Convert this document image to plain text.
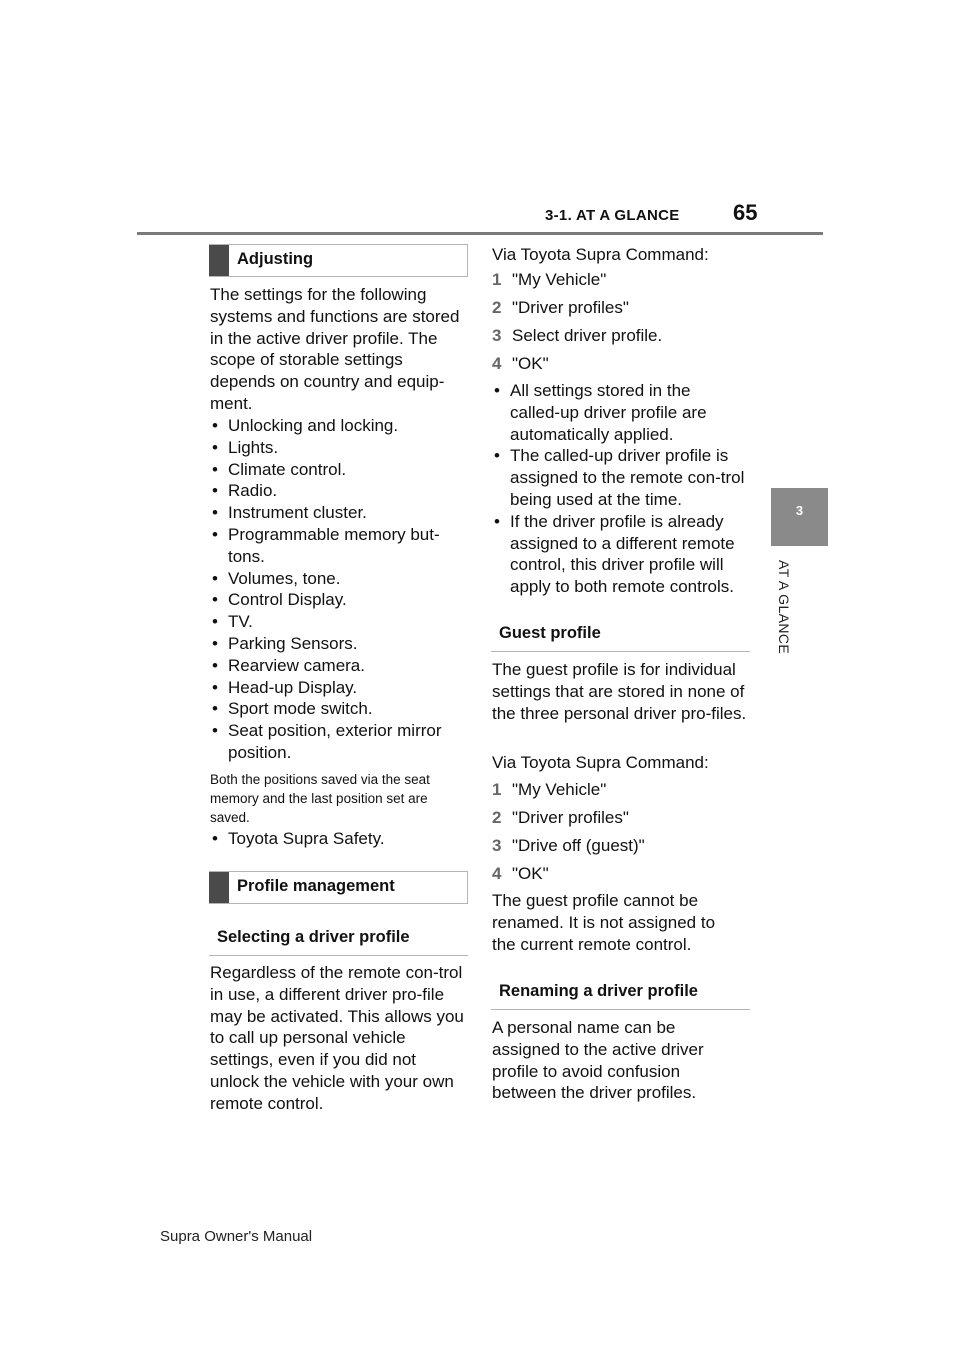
3-1. AT A GLANCE 65
3
AT A GLANCE
Adjusting

The settings for the following systems and functions are stored in the active driver profile. The scope of storable settings depends on country and equip-ment.

• Unlocking and locking.
• Lights.
• Climate control.
• Radio.
• Instrument cluster.
• Programmable memory but-tons.
• Volumes, tone.
• Control Display.
• TV.
• Parking Sensors.
• Rearview camera.
• Head-up Display.
• Sport mode switch.
• Seat position, exterior mirror position.

Both the positions saved via the seat memory and the last position set are saved.

• Toyota Supra Safety.
Profile management
Selecting a driver profile

Regardless of the remote con-trol in use, a different driver pro-file may be activated. This allows you to call up personal vehicle settings, even if you did not unlock the vehicle with your own remote control.

Via Toyota Supra Command:

1 "My Vehicle"
2 "Driver profiles"
3 Select driver profile.
4 "OK"
• All settings stored in the called-up driver profile are automatically applied.
• The called-up driver profile is assigned to the remote con-trol being used at the time.
• If the driver profile is already assigned to a different remote control, this driver profile will apply to both remote controls.
Guest profile

The guest profile is for individual settings that are stored in none of the three personal driver pro-files.

Via Toyota Supra Command:

1 "My Vehicle"
2 "Driver profiles"
3 "Drive off (guest)"
4 "OK"

The guest profile cannot be renamed. It is not assigned to the current remote control.

Renaming a driver profile

A personal name can be assigned to the active driver profile to avoid confusion between the driver profiles.

Supra Owner's Manual
